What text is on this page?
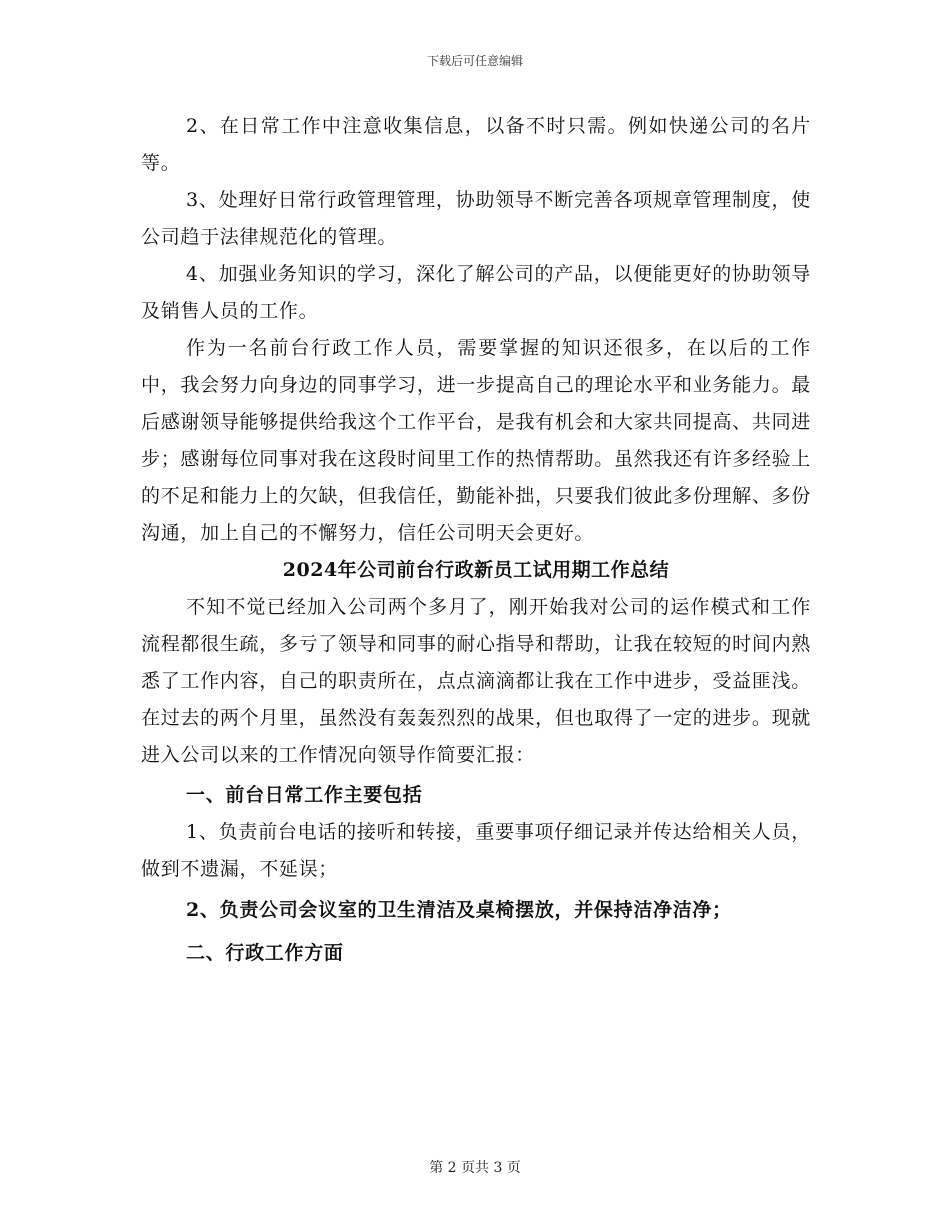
下载后可任意编辑

2、在日常工作中注意收集信息，以备不时只需。例如快递公司的名片等。

3、处理好日常行政管理管理，协助领导不断完善各项规章管理制度，使公司趋于法律规范化的管理。

4、加强业务知识的学习，深化了解公司的产品，以便能更好的协助领导及销售人员的工作。

作为一名前台行政工作人员，需要掌握的知识还很多，在以后的工作中，我会努力向身边的同事学习，进一步提高自己的理论水平和业务能力。最后感谢领导能够提供给我这个工作平台，是我有机会和大家共同提高、共同进步；感谢每位同事对我在这段时间里工作的热情帮助。虽然我还有许多经验上的不足和能力上的欠缺，但我信任，勤能补拙，只要我们彼此多份理解、多份沟通，加上自己的不懈努力，信任公司明天会更好。

2024年公司前台行政新员工试用期工作总结

不知不觉已经加入公司两个多月了，刚开始我对公司的运作模式和工作流程都很生疏，多亏了领导和同事的耐心指导和帮助，让我在较短的时间内熟悉了工作内容，自己的职责所在，点点滴滴都让我在工作中进步，受益匪浅。在过去的两个月里，虽然没有轰轰烈烈的战果，但也取得了一定的进步。现就进入公司以来的工作情况向领导作简要汇报：

一、前台日常工作主要包括

1、负责前台电话的接听和转接，重要事项仔细记录并传达给相关人员，做到不遗漏，不延误；

2、负责公司会议室的卫生清洁及桌椅摆放，并保持洁净洁净；

二、行政工作方面

第 2 页共 3 页
